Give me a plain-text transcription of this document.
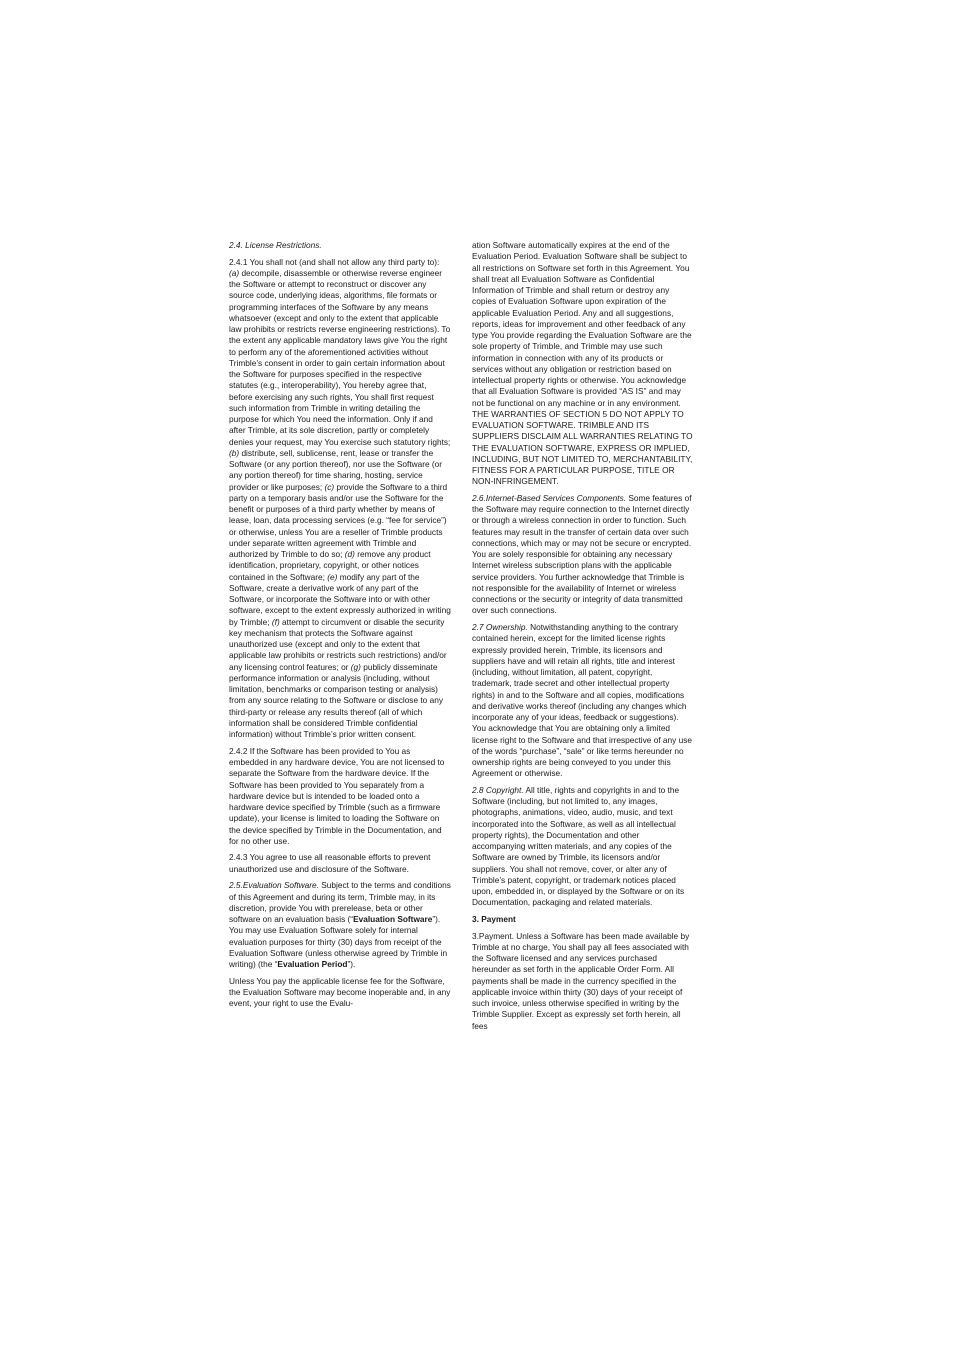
2.4. License Restrictions.

2.4.1 You shall not (and shall not allow any third party to): (a) decompile, disassemble or otherwise reverse engineer the Software or attempt to reconstruct or discover any source code, underlying ideas, algorithms, file formats or programming interfaces of the Software by any means whatsoever (except and only to the extent that applicable law prohibits or restricts reverse engineering restrictions). To the extent any applicable mandatory laws give You the right to perform any of the aforementioned activities without Trimble’s consent in order to gain certain information about the Software for purposes specified in the respective statutes (e.g., interoperability), You hereby agree that, before exercising any such rights, You shall first request such information from Trimble in writing detailing the purpose for which You need the information. Only if and after Trimble, at its sole discretion, partly or completely denies your request, may You exercise such statutory rights; (b) distribute, sell, sublicense, rent, lease or transfer the Software (or any portion thereof), nor use the Software (or any portion thereof) for time sharing, hosting, service provider or like purposes; (c) provide the Software to a third party on a temporary basis and/or use the Software for the benefit or purposes of a third party whether by means of lease, loan, data processing services (e.g. “fee for service”) or otherwise, unless You are a reseller of Trimble products under separate written agreement with Trimble and authorized by Trimble to do so; (d) remove any product identification, proprietary, copyright, or other notices contained in the Software; (e) modify any part of the Software, create a derivative work of any part of the Software, or incorporate the Software into or with other software, except to the extent expressly authorized in writing by Trimble; (f) attempt to circumvent or disable the security key mechanism that protects the Software against unauthorized use (except and only to the extent that applicable law prohibits or restricts such restrictions) and/or any licensing control features; or (g) publicly disseminate performance information or analysis (including, without limitation, benchmarks or comparison testing or analysis) from any source relating to the Software or disclose to any third-party or release any results thereof (all of which information shall be considered Trimble confidential information) without Trimble’s prior written consent.

2.4.2 If the Software has been provided to You as embedded in any hardware device, You are not licensed to separate the Software from the hardware device. If the Software has been provided to You separately from a hardware device but is intended to be loaded onto a hardware device specified by Trimble (such as a firmware update), your license is limited to loading the Software on the device specified by Trimble in the Documentation, and for no other use.

2.4.3 You agree to use all reasonable efforts to prevent unauthorized use and disclosure of the Software.

2.5.Evaluation Software. Subject to the terms and conditions of this Agreement and during its term, Trimble may, in its discretion, provide You with prerelease, beta or other software on an evaluation basis (“Evaluation Software”). You may use Evaluation Software solely for internal evaluation purposes for thirty (30) days from receipt of the Evaluation Software (unless otherwise agreed by Trimble in writing) (the “Evaluation Period”).

Unless You pay the applicable license fee for the Software, the Evaluation Software may become inoperable and, in any event, your right to use the Evalu-

ation Software automatically expires at the end of the Evaluation Period. Evaluation Software shall be subject to all restrictions on Software set forth in this Agreement. You shall treat all Evaluation Software as Confidential Information of Trimble and shall return or destroy any copies of Evaluation Software upon expiration of the applicable Evaluation Period. Any and all suggestions, reports, ideas for improvement and other feedback of any type You provide regarding the Evaluation Software are the sole property of Trimble, and Trimble may use such information in connection with any of its products or services without any obligation or restriction based on intellectual property rights or otherwise. You acknowledge that all Evaluation Software is provided “AS IS” and may not be functional on any machine or in any environment. THE WARRANTIES OF SECTION 5 DO NOT APPLY TO EVALUATION SOFTWARE. TRIMBLE AND ITS SUPPLIERS DISCLAIM ALL WARRANTIES RELATING TO THE EVALUATION SOFTWARE, EXPRESS OR IMPLIED, INCLUDING, BUT NOT LIMITED TO, MERCHANTABILITY, FITNESS FOR A PARTICULAR PURPOSE, TITLE OR NON-INFRINGEMENT.

2.6.Internet-Based Services Components. Some features of the Software may require connection to the Internet directly or through a wireless connection in order to function. Such features may result in the transfer of certain data over such connections, which may or may not be secure or encrypted. You are solely responsible for obtaining any necessary Internet wireless subscription plans with the applicable service providers. You further acknowledge that Trimble is not responsible for the availability of Internet or wireless connections or the security or integrity of data transmitted over such connections.

2.7 Ownership. Notwithstanding anything to the contrary contained herein, except for the limited license rights expressly provided herein, Trimble, its licensors and suppliers have and will retain all rights, title and interest (including, without limitation, all patent, copyright, trademark, trade secret and other intellectual property rights) in and to the Software and all copies, modifications and derivative works thereof (including any changes which incorporate any of your ideas, feedback or suggestions). You acknowledge that You are obtaining only a limited license right to the Software and that irrespective of any use of the words “purchase”, “sale” or like terms hereunder no ownership rights are being conveyed to you under this Agreement or otherwise.

2.8 Copyright. All title, rights and copyrights in and to the Software (including, but not limited to, any images, photographs, animations, video, audio, music, and text incorporated into the Software, as well as all intellectual property rights), the Documentation and other accompanying written materials, and any copies of the Software are owned by Trimble, its licensors and/or suppliers. You shall not remove, cover, or alter any of Trimble’s patent, copyright, or trademark notices placed upon, embedded in, or displayed by the Software or on its Documentation, packaging and related materials.

3. Payment

3.Payment. Unless a Software has been made available by Trimble at no charge, You shall pay all fees associated with the Software licensed and any services purchased hereunder as set forth in the applicable Order Form. All payments shall be made in the currency specified in the applicable invoice within thirty (30) days of your receipt of such invoice, unless otherwise specified in writing by the Trimble Supplier. Except as expressly set forth herein, all fees
